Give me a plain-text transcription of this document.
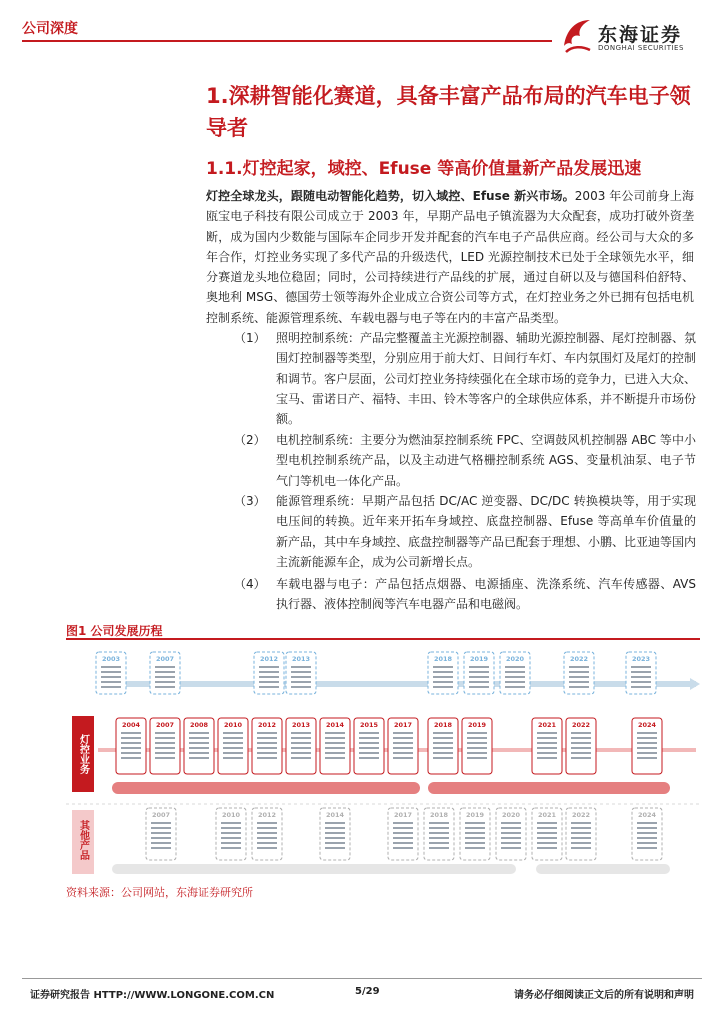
公司深度	东海证券
DONGHAI SECURITIES
1.深耕智能化赛道，具备丰富产品布局的汽车电子领导者
1.1.灯控起家，域控、Efuse 等高价值量新产品发展迅速

灯控全球龙头，跟随电动智能化趋势，切入域控、Efuse 新兴市场。2003 年公司前身上海瓯宝电子科技有限公司成立于 2003 年，早期产品电子镇流器为大众配套，成功打破外资垄断，成为国内少数能与国际车企同步开发并配套的汽车电子产品供应商。经公司与大众的多年合作，灯控业务实现了多代产品的升级迭代，LED 光源控制技术已处于全球领先水平，细分赛道龙头地位稳固；同时，公司持续进行产品线的扩展，通过自研以及与德国科伯舒特、奥地利 MSG、德国劳士领等海外企业成立合资公司等方式，在灯控业务之外已拥有包括电机控制系统、能源管理系统、车载电器与电子等在内的丰富产品类型。

（1） 照明控制系统：产品完整覆盖主光源控制器、辅助光源控制器、尾灯控制器、氛围灯控制器等类型，分别应用于前大灯、日间行车灯、车内氛围灯及尾灯的控制和调节。客户层面，公司灯控业务持续强化在全球市场的竞争力，已进入大众、宝马、雷诺日产、福特、丰田、铃木等客户的全球供应体系，并不断提升市场份额。

（2） 电机控制系统：主要分为燃油泵控制系统 FPC、空调鼓风机控制器 ABC 等中小型电机控制系统产品，以及主动进气格栅控制系统 AGS、变量机油泵、电子节气门等机电一体化产品。

（3） 能源管理系统：早期产品包括 DC/AC 逆变器、DC/DC 转换模块等，用于实现电压间的转换。近年来开拓车身域控、底盘控制器、Efuse 等高单车价值量的新产品，其中车身域控、底盘控制器等产品已配套于理想、小鹏、比亚迪等国内主流新能源车企，成为公司新增长点。

（4） 车载电器与电子：产品包括点烟器、电源插座、洗涤系统、汽车传感器、AVS 执行器、液体控制阀等汽车电器产品和电磁阀。

图1 公司发展历程
2003	2007	2012 2013	2018	2019	2020	2022	2023
灯控业务
2004 2007 2008 2010 2012 2013 2014 2015 2017	2018 2019	2021 2022	2024
其他产品
2007	2010	2012	2014	2017	2018	2019	2020	2021 2022	2024
资料来源：公司网站，东海证券研究所
证券研究报告 HTTP://WWW.LONGONE.COM.CN	5/29	请务必仔细阅读正文后的所有说明和声明
